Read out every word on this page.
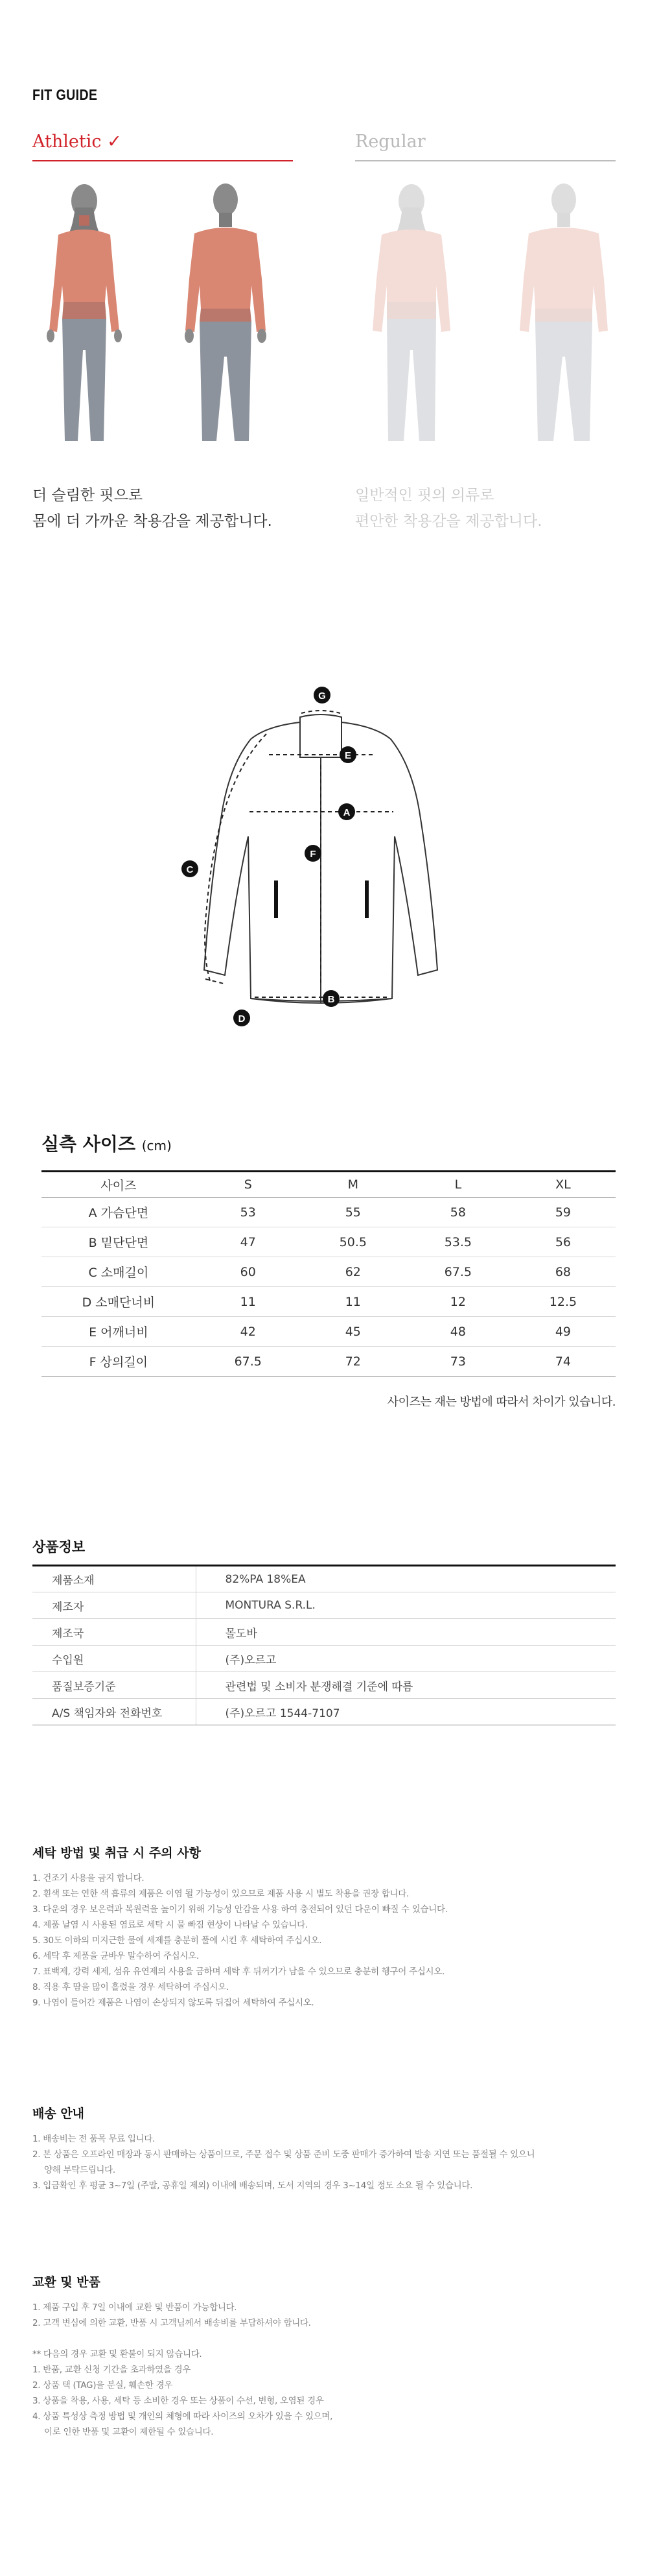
FIT GUIDE
Athletic ✓	Regular
더 슬림한 핏으로
몸에 더 가까운 착용감을 제공합니다.
일반적인 핏의 의류로
편안한 착용감을 제공합니다.
G
E
A
F
C
B
D
실측 사이즈 (cm)
사이즈	S	M	L	XL
A 가슴단면	53	55	58	59
B 밑단단면	47	50.5	53.5	56
C 소매길이	60	62	67.5	68
D 소매단너비	11	11	12	12.5
E 어깨너비	42	45	48	49
F 상의길이	67.5	72	73	74
사이즈는 재는 방법에 따라서 차이가 있습니다.
상품정보
제품소재	82%PA 18%EA
제조자	MONTURA S.R.L.
제조국	몰도바
수입원	(주)오르고
품질보증기준	관련법 및 소비자 분쟁해결 기준에 따름
A/S 책임자와 전화번호	(주)오르고 1544-7107
세탁 방법 및 취급 시 주의 사항
1. 건조기 사용을 금지 합니다.
2. 흰색 또는 연한 색 흡류의 제품은 이염 될 가능성이 있으므로 제품 사용 시 별도 착용을 권장 합니다.
3. 다운의 경우 보온력과 복원력을 높이기 위해 기능성 안감을 사용 하여 충전되어 있던 다운이 빠질 수 있습니다.
4. 제품 날염 시 사용된 염료로 세탁 시 물 빠짐 현상이 나타날 수 있습니다.
5. 30도 이하의 미지근한 물에 세제를 충분히 풀에 시킨 후 세탁하여 주십시오.
6. 세탁 후 제품을 균바우 말수하여 주십시오.
7. 표백제, 강력 세제, 섬유 유연제의 사용을 금하며 세탁 후 뒤꺼기가 남을 수 있으므로 충분히 헹구어 주십시오.
8. 직용 후 땀을 많이 흘렸을 경우 세탁하여 주십시오.
9. 나염이 들어간 제품은 나염이 손상되지 않도록 뒤집어 세탁하여 주십시오.
배송 안내
1. 배송비는 전 품목 무료 입니다.
2. 본 상품은 오프라인 매장과 동시 판매하는 상품이므로, 주문 접수 및 상품 준비 도중 판매가 증가하여 발송 지연 또는 품절될 수 있으니
양해 부탁드립니다.
3. 입금확인 후 평균 3~7일 (주말, 공휴일 제외) 이내에 배송되며, 도서 지역의 경우 3~14일 정도 소요 될 수 있습니다.
교환 및 반품
1. 제품 구입 후 7일 이내에 교환 및 반품이 가능합니다.
2. 고객 변심에 의한 교환, 반품 시 고객님께서 배송비를 부담하셔야 합니다.
** 다음의 경우 교환 및 환불이 되지 않습니다.
1. 반품, 교환 신청 기간을 초과하였을 경우
2. 상품 택 (TAG)을 분실, 훼손한 경우
3. 상품을 착용, 사용, 세탁 등 소비한 경우 또는 상품이 수선, 변형, 오염된 경우
4. 상품 특성상 측정 방법 및 개인의 체형에 따라 사이즈의 오차가 있을 수 있으며,
이로 인한 반품 및 교환이 제한될 수 있습니다.
